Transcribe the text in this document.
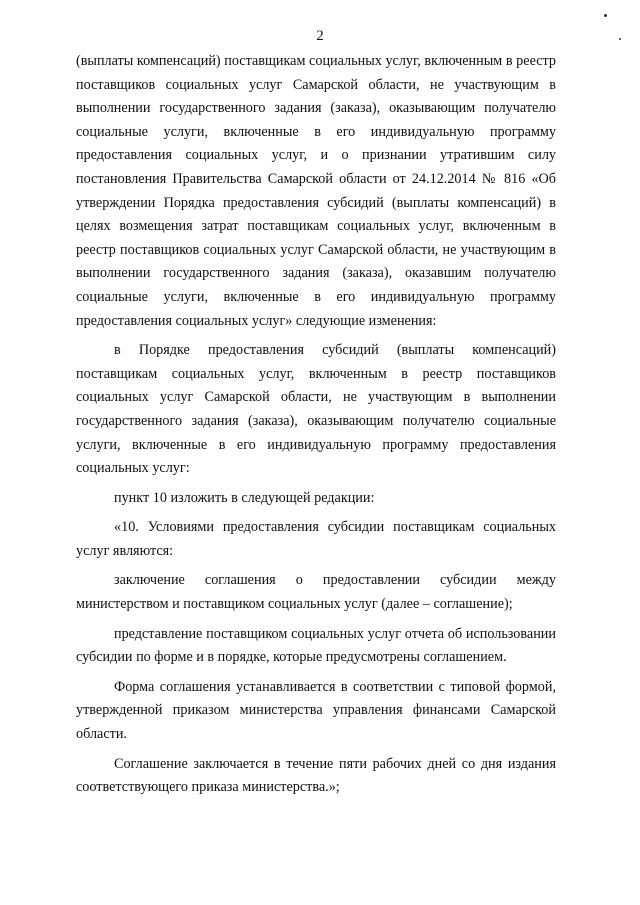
2

(выплаты компенсаций) поставщикам социальных услуг, включенным в реестр поставщиков социальных услуг Самарской области, не участвующим в выполнении государственного задания (заказа), оказывающим получателю социальные услуги, включенные в его индивидуальную программу предоставления социальных услуг, и о признании утратившим силу постановления Правительства Самарской области от 24.12.2014 № 816 «Об утверждении Порядка предоставления субсидий (выплаты компенсаций) в целях возмещения затрат поставщикам социальных услуг, включенным в реестр поставщиков социальных услуг Самарской области, не участвующим в выполнении государственного задания (заказа), оказавшим получателю социальные услуги, включенные в его индивидуальную программу предоставления социальных услуг» следующие изменения:

в Порядке предоставления субсидий (выплаты компенсаций) поставщикам социальных услуг, включенным в реестр поставщиков социальных услуг Самарской области, не участвующим в выполнении государственного задания (заказа), оказывающим получателю социальные услуги, включенные в его индивидуальную программу предоставления социальных услуг:

пункт 10 изложить в следующей редакции:

«10. Условиями предоставления субсидии поставщикам социальных услуг являются:

заключение соглашения о предоставлении субсидии между министерством и поставщиком социальных услуг (далее – соглашение);

представление поставщиком социальных услуг отчета об использовании субсидии по форме и в порядке, которые предусмотрены соглашением.

Форма соглашения устанавливается в соответствии с типовой формой, утвержденной приказом министерства управления финансами Самарской области.

Соглашение заключается в течение пяти рабочих дней со дня издания соответствующего приказа министерства.»;
